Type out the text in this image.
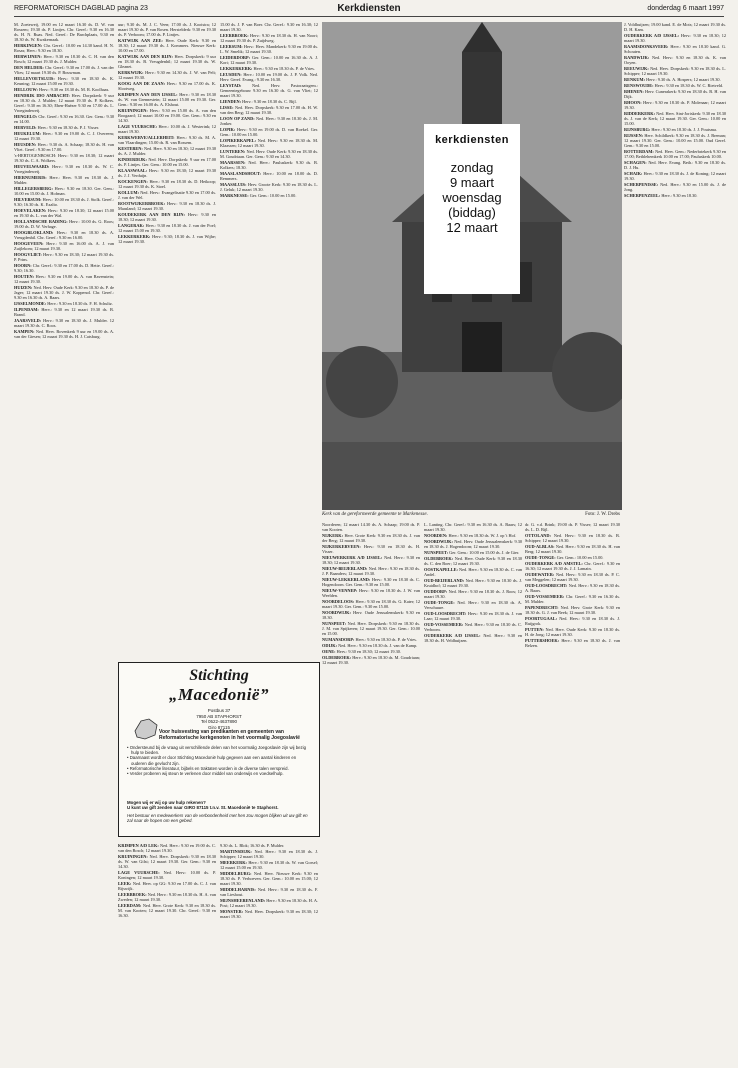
REFORMATORISCH DAGBLAD pagina 23	Kerkdiensten	donderdag 6 maart 1997

M. Zoeteweij, 19.00 en 12 maart 16.30 ds. D. W. van Rossem; 19.30 ds. P. Lintjes. Chr. Geref.: 9.30 en 16.30 ds. H. N. Ruas. Ned. Geref.: De Barchplaats, 9.30 en 18.30 ds. W. Kwakernaak.

HERKINGEN: Chr. Geref.: 10.00 en 14.30 kand. H. N. Rosas; Herv.: 9.30 en 18.30.

HERWIJNEN: Herv.: 9.30 en 18.30 ds. C. H. van den Bosch; 12 maart 19.30 ds. J. Mulder.

DEN HELDER: Chr. Geref.: 9.30 en 17.00 ds. J. van der Vlies; 12 maart 19.30 ds. P. Bouwman.

HELLEVOETSLUIS: Herv.: 9.30 en 18.30 ds. K. Keuning; 12 maart 15.00 en 19.30.

HELLOUW: Herv.: 9.30 en 18.30 ds. M. R. Koolhaas.

HENDRIK IDO AMBACHT: Herv. Dorpskerk: 9 uur en 18.30 ds. J. Mulder; 12 maart 19.30 ds. P. Kolkers. Geref.: 9.30 en 16.30; Eben-Haëzer 9.30 en 17.00 ds. L. Vroegindeweij.

HENGELO: Chr. Geref.: 9.30 en 16.30. Ger. Gem.: 9.30 en 14.00.

HERVELD: Herv.: 9.30 en 18.30 ds. P. J. Visser.

HEUKELUM: Herv.: 9.30 en 19.00 ds. C. J. Overeem; 12 maart 19.30.

HEUSDEN: Herv.: 9.30 ds. A. Schaap; 18.30 ds. H. van Vliet. Geref.: 9.30 en 17.00.

's-HERTOGENBOSCH: Herv.: 9.30 en 18.30; 12 maart 19.30 ds. C. A. Wolkers.

HEUVELWAARD: Herv.: 9.30 en 18.30 ds. W. C. Vroegindeweij.

HIERNUMERIS: Herv.: Herv. 9.30 en 18.30 ds. J. Mulder.

HILLEGERSBERG: Herv.: 9.30 en 18.30. Ger. Gem.: 10.00 en 15.00 ds. J. Hofman.

HILVERSUM: Herv.: 10.00 en 18.30 ds. J. Stolk. Geref.: 9.30; 16.30 ds. K. Exalto.

HOEVELAKEN: Herv.: 9.30 en 18.30; 12 maart 15.00 en 19.30 ds. L. van der Wal.

HOLLANDSCHE RADING: Herv.: 10.00 ds. G. Roos; 19.00 ds. D. W. Verhage.

HOOGBLOKLAND: Herv.: 9.30 en 18.30 ds. A. Vreugdenhil. Chr. Geref.: 9.30 en 16.00.

HOOGEVEEN: Herv.: 9.30 en 16.00 ds. A. J. van Zuijlekom; 12 maart 19.30.

HOOGVLIET: Herv.: 9.30 en 18.30; 12 maart 19.30 ds. P. Prins.

HOORN: Chr. Geref.: 9.30 en 17.00 ds. D. Hette. Geref.: 9.30; 16.30.

HOUTEN: Herv.: 9.30 en 19.00 ds. A. van Ravenstein; 12 maart 19.30.

HUIZEN: Ned. Herv. Oude Kerk: 9.30 en 18.30 ds. P. de Jager; 12 maart 19.30 ds. J. W. Koppenol. Chr. Geref.: 9.30 en 16.30 ds. A. Baars.

IJSSELMONDE: Herv.: 9.30 en 18.30 ds. F. H. Schultz.

ILPENDAM: Herv.: 9.30 en 12 maart 19.30 ds. B. Brand.

JAARSVELD: Herv.: 9.30 en 18.30 ds. J. Mulder. 12 maart 19.30 ds. C. Roos.

KAMPEN: Ned. Herv. Bovenkerk 9 uur en 19.00 ds. A. van der Giesen; 12 maart 19.30 ds. H. J. Catsburg.

uur; 9.30 ds. M. J. C. Veen; 17.00 ds. J. Kooistra; 12 maart 19.30 ds. P. van Rosen. Herstelderk: 9.30 en 19.30 ds. P. Verboom; 17.00 ds. P. Lintjes.

KATWIJK AAN ZEE: Herv. Oude Kerk: 9.30 en 18.30; 12 maart 19.30 ds. J. Kommers. Nieuwe Kerk: 10.00 en 17.00.

KATWIJK AAN DEN RIJN: Herv. Dorpskerk: 9 uur en 18.30 ds. B. Vreugdenhil; 12 maart 19.30 ds. W. Gleanet.

KERKWIJK: Herv.: 9.30 en 14.30 ds. J. W. van Pelt; 12 maart 19.30.

KOOG AAN DE ZAAN: Herv.: 9.30 en 17.00 ds. K. Slootweg.

KRIMPEN AAN DEN IJSSEL: Herv.: 9.30 en 18.30 ds. W. van Grennestein; 12 maart 15.00 en 19.30. Ger. Gem.: 9.30 en 16.00 ds. A. Elshout.

KRUININGEN: Herv.: 9.30 en 15.00 ds. A. van den Boogaard; 12 maart 10.00 en 19.00. Ger. Gem.: 9.30 en 14.30.

LAGE VUURSCHE: Herv.: 10.00 ds. J. Westerink; 12 maart 19.30.

KERKWERVE/ALLERHEIT: Herv.: 9.30 ds. M. A. van Vlaardingen; 15.00 ds. R. van Rossem.

KESTEREN: Ned. Herv. 9.30 en 18.30; 12 maart 19.30 ds. A. J. Mulder.

KINDERDIJK: Ned. Herv. Dorpskerk: 9 uur en 17.00 ds. P. Lintjes. Ger. Gem.: 10.00 en 15.00.

KLAASWAAL: Herv.: 9.30 en 18.30; 12 maart 19.30 ds. J. J. Verduijn.

KOCKENGEN: Herv.: 9.30 en 18.30 ds. D. Heikoop; 12 maart 19.30 ds. K. Stoel.

KOLLUM: Ned. Herv.: Evangelisatie 9.30 en 17.00 ds. J. van der Wel.

ROOTWIJKERBROEK: Herv.: 9.30 en 18.30 ds. J. Maasland; 12 maart 19.30.

KOUDEKERK AAN DEN RIJN: Herv.: 9.30 en 18.30; 12 maart 19.30.

LANGERAK: Herv.: 9.30 en 18.30 ds. J. van der Poel; 12 maart 15.00 en 19.30.

LEKKERKERK: Herv.: 9.30; 18.30 ds. J. van Wijhe; 12 maart 19.30.

15.00 ds. J. P. van Boer. Chr. Geref.: 9.30 en 16.30; 12 maart 19.30.

LEERBROEK: Herv.: 9.30 en 18.30 ds. H. van Noort; 12 maart 19.30 ds. P. Zuijdweg.

LEERSUM: Herv.: Herv. Mandekerk: 9.30 en 19.00 ds. L. W. Smelik; 12 maart 19.30.

LEIDERDORP: Ger. Gem.: 10.00 en 16.30 ds. A. J. Kort; 12 maart 19.30.

LEKKERKERK: Herv.: 9.30 en 18.30 ds. P. de Vries.

LEUSDEN: Herv.: 10.00 en 19.00 ds. J. P. Volk. Ned. Herv. Geref. Evang.: 9.30 en 16.30.

LEYSTAD: Ned. Herv. Pastoraatsgem.: Gemeentegebouw 9.30 en 16.30 ds. G. van Vliet; 12 maart 19.30.

LIENDEN: Herv.: 9.30 en 18.30 ds. C. Bijl.

LISSE: Ned. Herv. Dorpskerk: 9.30 en 17.00 ds. H. W. van den Berg; 12 maart 19.30.

LOON OP ZAND: Ned. Herv.: 9.30 en 18.30 ds. J. M. Jonker.

LOPIK: Herv.: 9.30 en 19.00 ds. D. van Roekel. Ger. Gem.: 10.00 en 15.00.

LOPIKERKAPEL: Ned. Herv.: 9.30 en 18.30 ds. M. Klaassen; 12 maart 19.30.

LUNTEREN: Ned. Herv. Oude Kerk: 9.30 en 18.30 ds. M. Goudriaan. Ger. Gem.: 9.30 en 14.30.

MAARSSEN: Ned. Herv.: Pauluskerk: 9.30 ds. B. Kolkers; 18.30.

MAASLANDSHOUT: Herv.: 10.00 en 18.00 ds. D. Remmers.

MAASSLUIS: Herv. Groote Kerk: 9.30 en 18.30 ds. L. J. Geluk; 12 maart 19.30.

MARKNESSE: Ger. Gem.: 10.00 en 15.00.

J. Voldhuijzen; 19.00 kand. E. de Mots; 12 maart 19.30 ds. D. H. Kam.

OUDERKERK A/D IJSSEL: Herv.: 9.30 en 18.30; 12 maart 19.30.

RAAMSDONKSVEER: Herv.: 9.30 en 18.30 kand. G. Schouten.

RANDWIJK: Ned. Herv.: 9.30 en 18.30 ds. K. van Ooyen.

REEUWIJK: Ned. Herv. Dorpskerk: 9.30 en 18.30 ds. L. Schipper; 12 maart 19.30.

RENKUM: Herv.: 9.30 ds. A. Hospers; 12 maart 19.30.

RENSWOUDE: Herv.: 9.30 en 18.30 ds. W. C. Rietveld.

RHENEN: Herv. Cunerakerk: 9.30 en 18.30 ds. B. H. van Dijk.

RHOON: Herv.: 9.30 en 18.30 ds. P. Molenaar; 12 maart 19.30.

RIDDERKERK: Ned. Herv. Sint-Joriskerk: 9.30 en 18.30 ds. J. van de Kerk; 12 maart 19.30. Ger. Gem.: 10.00 en 15.00.

RIJNSBURG: Herv.: 9.30 en 18.30 ds. J. J. Poutsma.

RIJSSEN: Herv. Schildkerk: 9.30 en 18.30 ds. J. Breman; 12 maart 19.30. Ger. Gem.: 10.00 en 15.00. Oud Geref. Gem.: 9.30 en 15.00.

ROTTERDAM: Ned. Herv. Gem.: Nederbriekerk 9.30 en 17.00; Bethlehemkerk 10.00 en 17.00; Pauluskerk 10.00.

SCHAGEN: Ned. Herv. Evang. Beth.: 9.30 en 18.30 ds. D. J. Hu.

SCHAIK: Herv.: 9.30 en 18.30 ds. J. de Koning; 12 maart 19.30.

SCHERPENISSE: Ned. Herv.: 9.30 en 15.00 ds. J. de Jong.

SCHERPENZEEL: Herv.: 9.30 en 18.30.

Kerk van de gereformeerde gemeente te Markenesse.	Foto: J. W. Drebs
kerkdiensten
zondag
9 maart
woensdag
(biddag)
12 maart
Stichting
„Macedonië”
Postbus 37
7950 AB STAPHORST
Tel 0522-4637890
Giro 87115
Voor huisvesting van predikanten en gemeenten van Reformatorische kerkgenoten in het voormalig Joegoslavië
• Ondersteund bij de vraag uit verschillende delen van het voormalig Joegoslavië zijn wij bezig hulp te bieden.
• Daarnaast wordt er door Stichting Macedonië hulp gegeven aan een aantal kinderen en ouderen die gevlucht zijn.
• Reformatorische literatuur, bijbels en traktaten worden in de diverse talen verspreid.
• Verder proberen wij steun te verlenen door middel van onderwijs en voedselhulp.
Mogen wij er wij op uw hulp rekenen?
U kunt uw gift zenden naar GIRO 87115 t.n.v. St. Macedonië te Staphorst.
Het bestuur en medewerkers van de verbondenheid met hen zou mogen blijken uit uw gift en zal naar de hopen om een gebed.

KRIMPEN A/D LEK: Ned. Herv.: 9.30 en 19.00 ds. C. van den Bosch; 12 maart 19.30.

KRUININGEN: Ned. Herv. Dorpskerk: 9.30 en 18.30 ds. W. van Gilst; 12 maart 19.30. Ger. Gem.: 9.30 en 14.30.

LAGE VUURSCHE: Ned. Herv.: 10.00 ds. P. Koningen; 12 maart 19.30.

LEEK: Ned. Herv. op GG: 9.30 en 17.00 ds. C. J. van Rijswijk.

LEERBROEK: Ned. Herv.: 9.30 en 18.30 ds. H. A. van Zweden; 12 maart 19.30.

LEERDAM: Ned. Herv. Grote Kerk: 9.30 en 18.30 ds. M. van Kooten; 12 maart 19.30. Chr. Geref.: 9.30 en 16.30.

9.30 ds. L. Blok; 16.30 ds. P. Mulder.

MARTINSDIJK: Ned. Herv.: 9.30 en 18.30 ds. J. Schipper; 12 maart 19.30.

MEERKERK: Herv.: 9.30 en 18.30 ds. W. van Gorsel; 12 maart 15.00 en 19.30.

MIDDELBURG: Ned. Herv. Nieuwe Kerk: 9.30 en 18.30 ds. P. Verhoeven. Ger. Gem.: 10.00 en 15.00; 12 maart 19.30.

MIDDELHARNIS: Ned. Herv.: 9.30 en 18.30 ds. F. van Lieshout.

MIJNSHEERENLAND: Herv.: 9.30 en 18.30 ds. H. A. Post; 12 maart 19.30.

MONSTER: Ned. Herv. Dorpskerk: 9.30 en 18.30; 12 maart 19.30.

Noorderen; 12 maart 14.30 ds. A. Schaap; 19.00 ds. P. van Kooten.

NIJKERK: Herv. Grote Kerk: 9.30 en 18.30 ds. J. van der Berg; 12 maart 19.30.

NIJKERKERVEEN: Herv.: 9.30 en 18.30 ds. H. Visser.

NIEUWERKERK A/D IJSSEL: Ned. Herv.: 9.30 en 18.30; 12 maart 19.30.

NIEUW-BEIJERLAND: Ned. Herv.: 9.30 en 18.30 ds. J. P. Baanders; 12 maart 19.30.

NIEUW-LEKKERLAND: Herv.: 9.30 en 18.30 ds. C. Hogendoorn. Ger. Gem.: 9.30 en 15.00.

NIEUW-VENNEP: Herv.: 9.30 en 18.30 ds. J. W. van Weelden.

NOORDELOOS: Herv.: 9.30 en 18.30 ds. G. Kater; 12 maart 19.30. Ger. Gem.: 9.30 en 15.00.

NOORDWIJK: Herv. Oude Jerusalemskerk: 9.30 en 18.30.

NUNSPEET: Ned. Herv. Dorpskerk: 9.30 en 18.30 ds. J. M. van Spijkeren; 12 maart 19.30. Ger. Gem.: 10.00 en 15.00.

NUMANSDORP: Herv.: 9.30 en 18.30 ds. P. de Vries.

ODIJK: Ned. Herv.: 9.30 en 18.30 ds. J. van de Kamp.

OENE: Herv.: 9.30 en 18.30; 12 maart 19.30.

OLDEBROEK: Herv.: 9.30 en 18.30 ds. M. Goudriaan; 12 maart 19.30.

L. Lanting. Chr. Geref.: 9.30 en 16.30 ds. A. Baars; 12 maart 19.30.

NOORDEN: Herv.: 9.30 en 18.30 ds. W. J. op 't Hof.

NOORDWIJK: Ned. Herv. Oude Jerusalemskerk: 9.30 en 18.30 ds. J. Hogendoorn; 12 maart 19.30.

NUNSPEET: Ger. Gem.: 10.00 en 15.00 ds. J. de Gier.

OLDEBROEK: Ned. Herv. Oude Kerk: 9.30 en 18.30 ds. C. den Boer; 12 maart 19.30.

OOSTKAPELLE: Ned. Herv.: 9.30 en 18.30 ds. C. van Andel.

OUD-BEIJERLAND: Ned. Herv.: 9.30 en 18.30 ds. J. Kruidhof; 12 maart 19.30.

OUDDORP: Ned. Herv.: 9.30 en 18.30 ds. J. Roos; 12 maart 19.30.

OUDE-TONGE: Ned. Herv.: 9.30 en 18.30 ds. A. Verschuure.

OUD-LOOSDRECHT: Herv.: 9.30 en 18.30 ds. J. van Laar; 12 maart 19.30.

OUD-VOSSEMEER: Ned. Herv.: 9.30 en 18.30 ds. C. Verboom.

OUDERKERK A/D IJSSEL: Ned. Herv.: 9.30 en 18.30 ds. H. Veldhuijzen.

dr. G. v.d. Brink; 19.00 ds. P. Visser; 12 maart 19.30 ds. L. D. Bijl.

OTTOLAND: Ned. Herv.: 9.30 en 18.30 ds. B. Schipper; 12 maart 19.30.

OUD-ALBLAS: Ned. Herv.: 9.30 en 18.30 ds. H. van Berg; 12 maart 19.30.

OUDE-TONGE: Ger. Gem.: 10.00 en 15.00.

OUDERKERK A/D AMSTEL: Chr. Geref.: 9.30 en 16.30; 12 maart 19.30 ds. J. J. Lamain.

OUDEWATER: Ned. Herv.: 9.30 en 18.30 ds. P. C. van Meggelen; 12 maart 19.30.

OUD-LOOSDRECHT: Ned. Herv.: 9.30 en 18.30 ds. A. Baars.

OUD-VOSSEMEER: Chr. Geref.: 9.30 en 16.30 ds. M. Mulder.

PAPENDRECHT: Ned. Herv. Grote Kerk: 9.30 en 18.30 ds. G. J. van Beek; 12 maart 19.30.

POORTUGAAL: Ned. Herv.: 9.30 en 18.30 ds. J. Ruijgrok.

PUTTEN: Ned. Herv. Oude Kerk: 9.30 en 18.30 ds. H. de Jong; 12 maart 19.30.

PUTTERSHOEK: Herv.: 9.30 en 18.30 ds. J. van Belzen.
